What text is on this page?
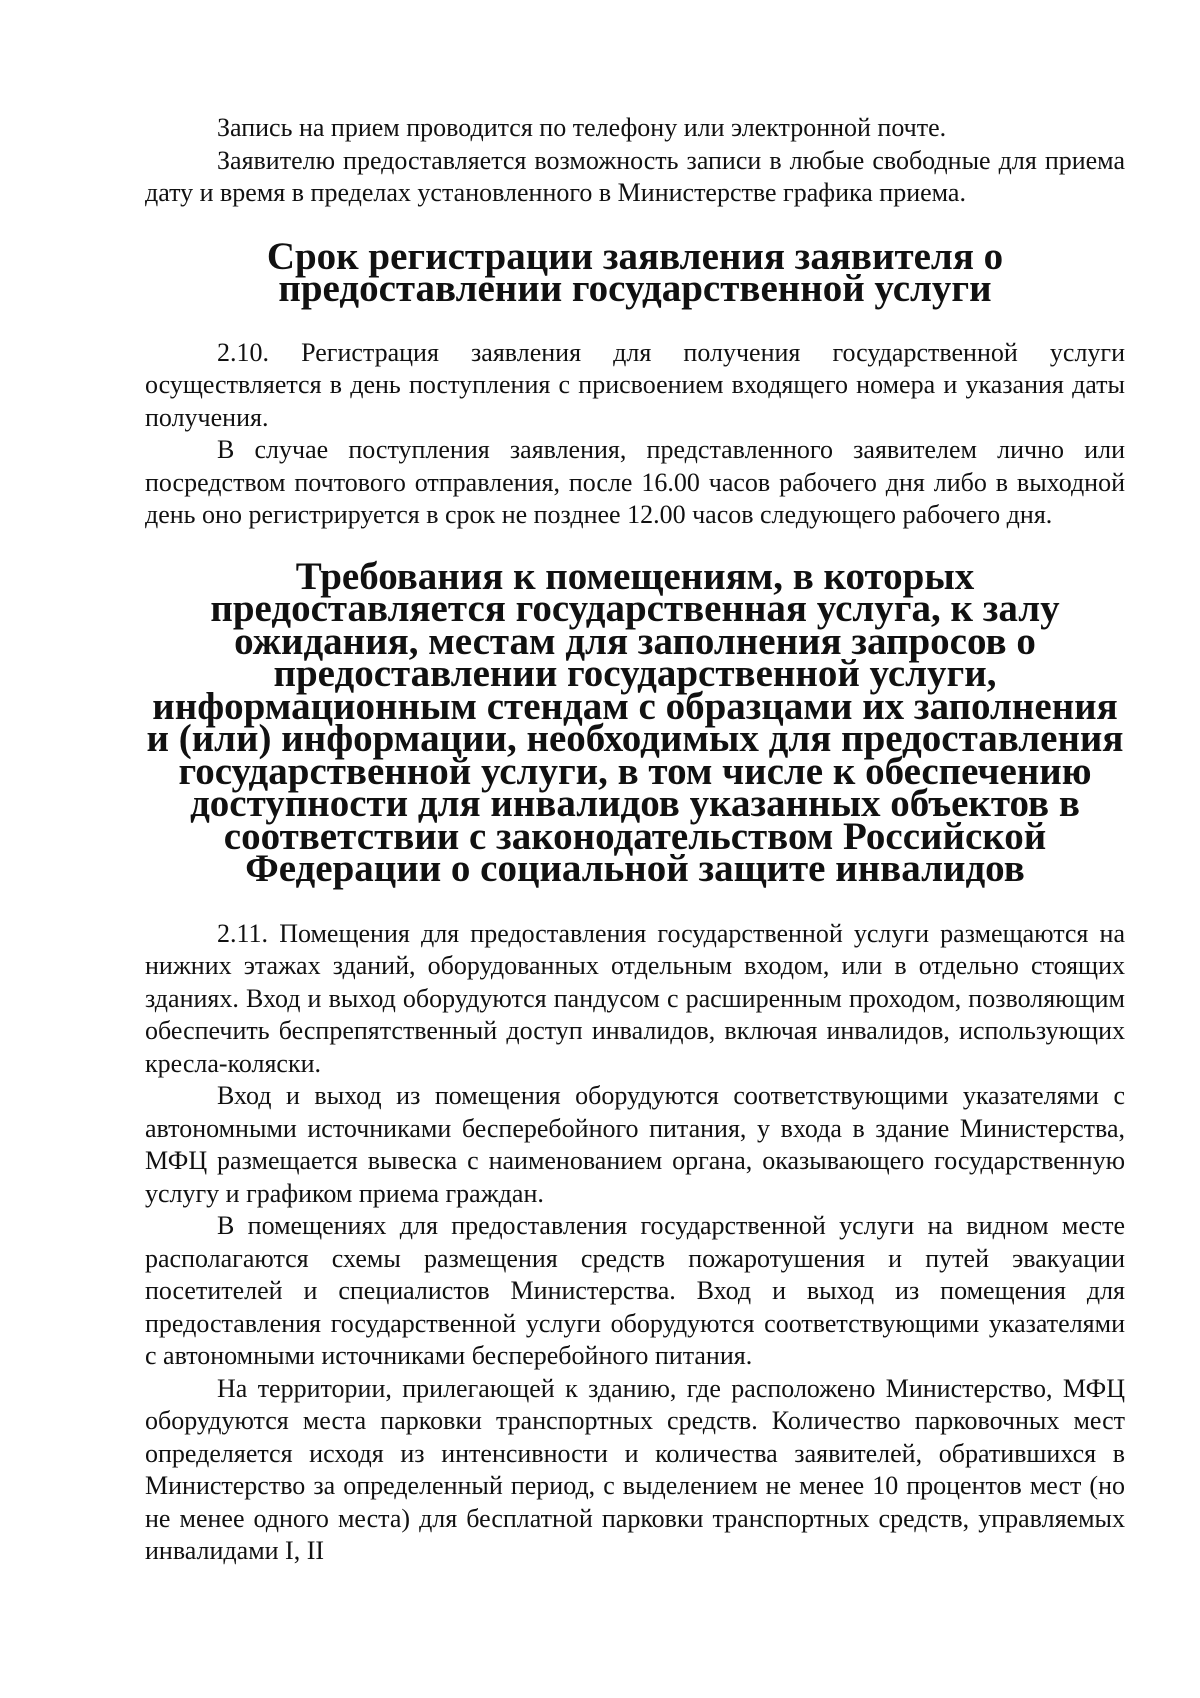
Запись на прием проводится по телефону или электронной почте.

Заявителю предоставляется возможность записи в любые свободные для приема дату и время в пределах установленного в Министерстве графика приема.

Срок регистрации заявления заявителя о предоставлении государственной услуги

2.10. Регистрация заявления для получения государственной услуги осуществляется в день поступления с присвоением входящего номера и указания даты получения.

В случае поступления заявления, представленного заявителем лично или посредством почтового отправления, после 16.00 часов рабочего дня либо в выходной день оно регистрируется в срок не позднее 12.00 часов следующего рабочего дня.

Требования к помещениям, в которых предоставляется государственная услуга, к залу ожидания, местам для заполнения запросов о предоставлении государственной услуги, информационным стендам с образцами их заполнения и (или) информации, необходимых для предоставления государственной услуги, в том числе к обеспечению доступности для инвалидов указанных объектов в соответствии с законодательством Российской Федерации о социальной защите инвалидов

2.11. Помещения для предоставления государственной услуги размещаются на нижних этажах зданий, оборудованных отдельным входом, или в отдельно стоящих зданиях. Вход и выход оборудуются пандусом с расширенным проходом, позволяющим обеспечить беспрепятственный доступ инвалидов, включая инвалидов, использующих кресла-коляски.

Вход и выход из помещения оборудуются соответствующими указателями с автономными источниками бесперебойного питания, у входа в здание Министерства, МФЦ размещается вывеска с наименованием органа, оказывающего государственную услугу и графиком приема граждан.

В помещениях для предоставления государственной услуги на видном месте располагаются схемы размещения средств пожаротушения и путей эвакуации посетителей и специалистов Министерства. Вход и выход из помещения для предоставления государственной услуги оборудуются соответствующими указателями с автономными источниками бесперебойного питания.

На территории, прилегающей к зданию, где расположено Министерство, МФЦ оборудуются места парковки транспортных средств. Количество парковочных мест определяется исходя из интенсивности и количества заявителей, обратившихся в Министерство за определенный период, с выделением не менее 10 процентов мест (но не менее одного места) для бесплатной парковки транспортных средств, управляемых инвалидами I, II
